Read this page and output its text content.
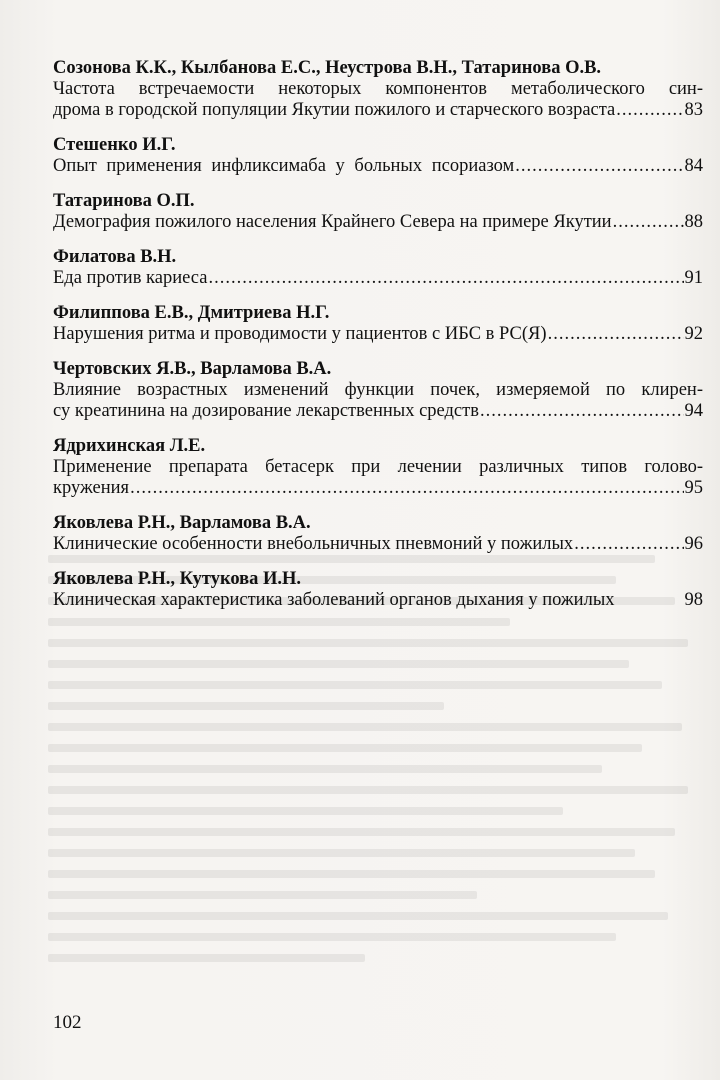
Созонова К.К., Кылбанова Е.С., Неустрова В.Н., Татаринова О.В.
Частота встречаемости некоторых компонентов метаболического син-
дрома в городской популяции Якутии пожилого и старческого возраста .....	83
Стешенко И.Г.
Опыт применения инфликсимаба у больных псориазом .....	84
Татаринова О.П.
Демография пожилого населения Крайнего Севера на примере Якутии .....	88
Филатова В.Н.
Еда против кариеса .....	91
Филиппова Е.В., Дмитриева Н.Г.
Нарушения ритма и проводимости у пациентов с ИБС в РС(Я) .....	92
Чертовских Я.В., Варламова В.А.
Влияние возрастных изменений функции почек, измеряемой по клирен-
су креатинина на дозирование лекарственных средств .....	94
Ядрихинская Л.Е.
Применение препарата бетасерк при лечении различных типов голово-
кружения .....	95
Яковлева Р.Н., Варламова В.А.
Клинические особенности внебольничных пневмоний у пожилых .....	96
Яковлева Р.Н., Кутукова И.Н.
Клиническая характеристика заболеваний органов дыхания у пожилых	98
102
